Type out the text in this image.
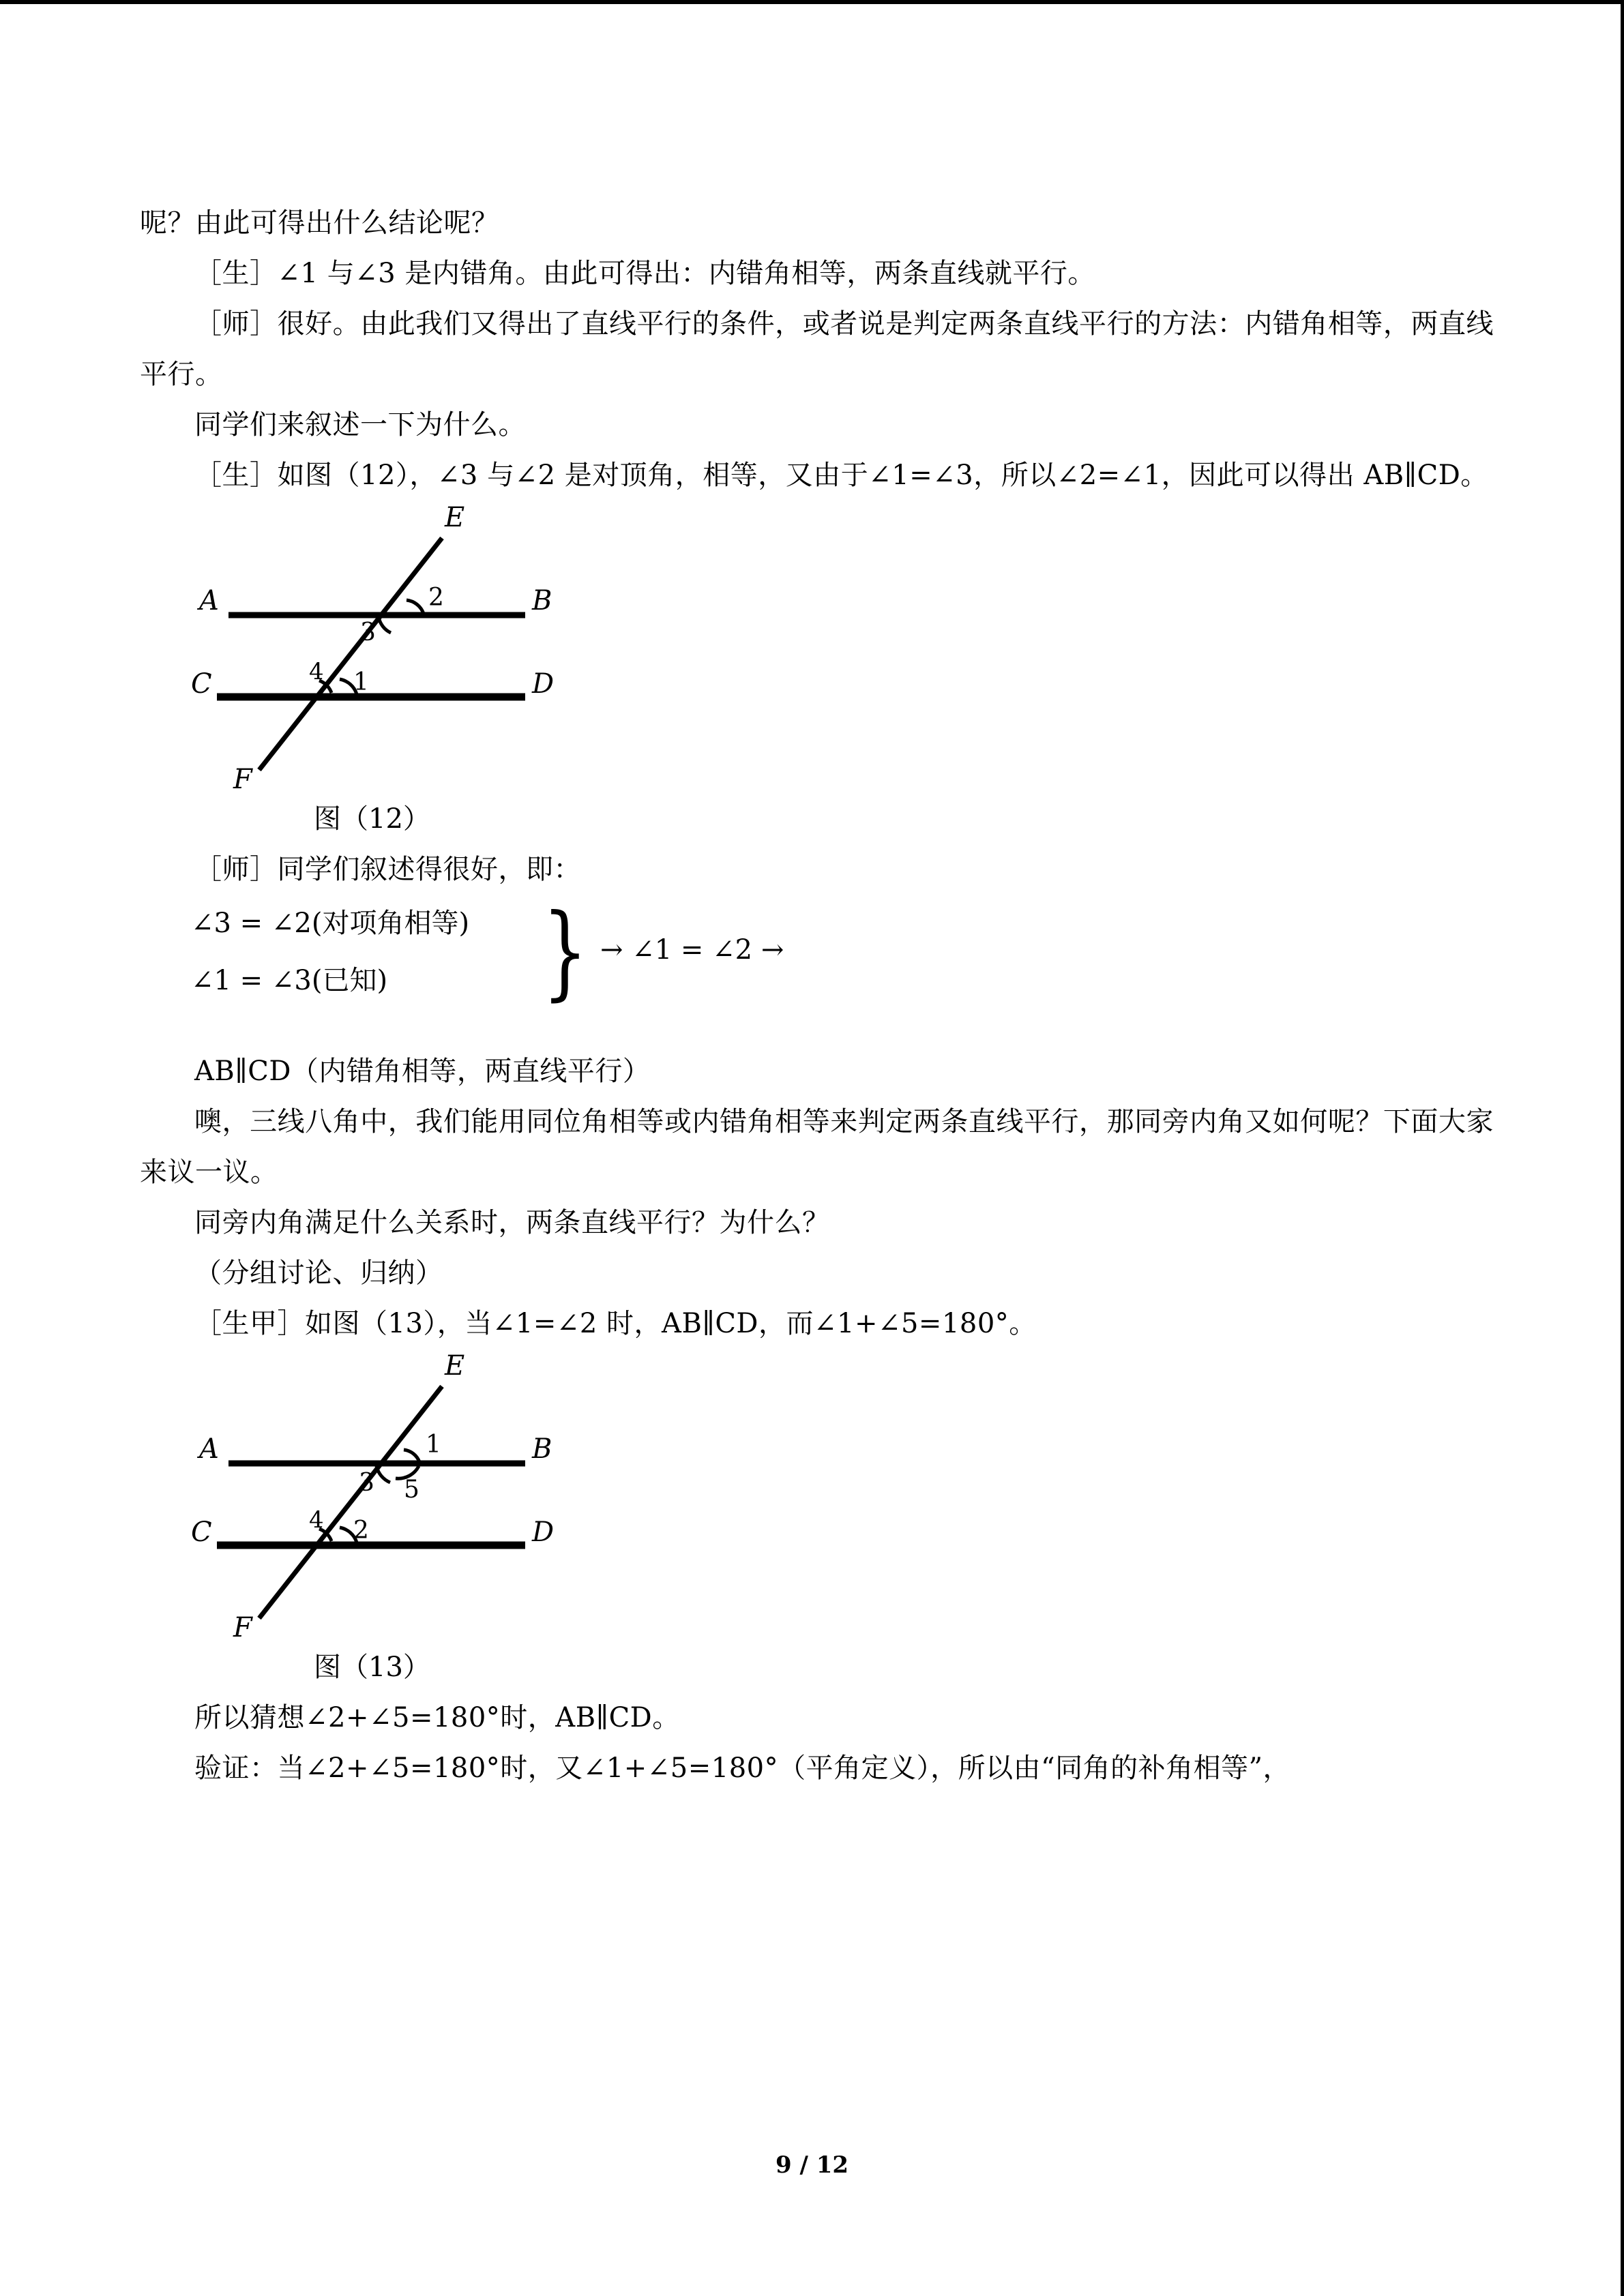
呢？由此可得出什么结论呢？

［生］∠1 与∠3 是内错角。由此可得出：内错角相等，两条直线就平行。

［师］很好。由此我们又得出了直线平行的条件，或者说是判定两条直线平行的方法：内错角相等，两直线平行。

同学们来叙述一下为什么。

［生］如图（12），∠3 与∠2 是对顶角，相等，又由于∠1=∠3，所以∠2=∠1，因此可以得出 AB∥CD。

A	B
C	D
E
F
2
3
4 1
图（12）

［师］同学们叙述得很好，即：

∠3 = ∠2(对项角相等)
∠1 = ∠3(已知)	} → ∠1 = ∠2 →

AB∥CD（内错角相等，两直线平行）

噢，三线八角中，我们能用同位角相等或内错角相等来判定两条直线平行，那同旁内角又如何呢？下面大家来议一议。

同旁内角满足什么关系时，两条直线平行？为什么？

（分组讨论、归纳）

［生甲］如图（13），当∠1=∠2 时，AB∥CD，而∠1+∠5=180°。

A	B
C	D
E
F
1
3 5
4 2
图（13）

所以猜想∠2+∠5=180°时，AB∥CD。

验证：当∠2+∠5=180°时，又∠1+∠5=180°（平角定义），所以由“同角的补角相等”，

9 / 12
